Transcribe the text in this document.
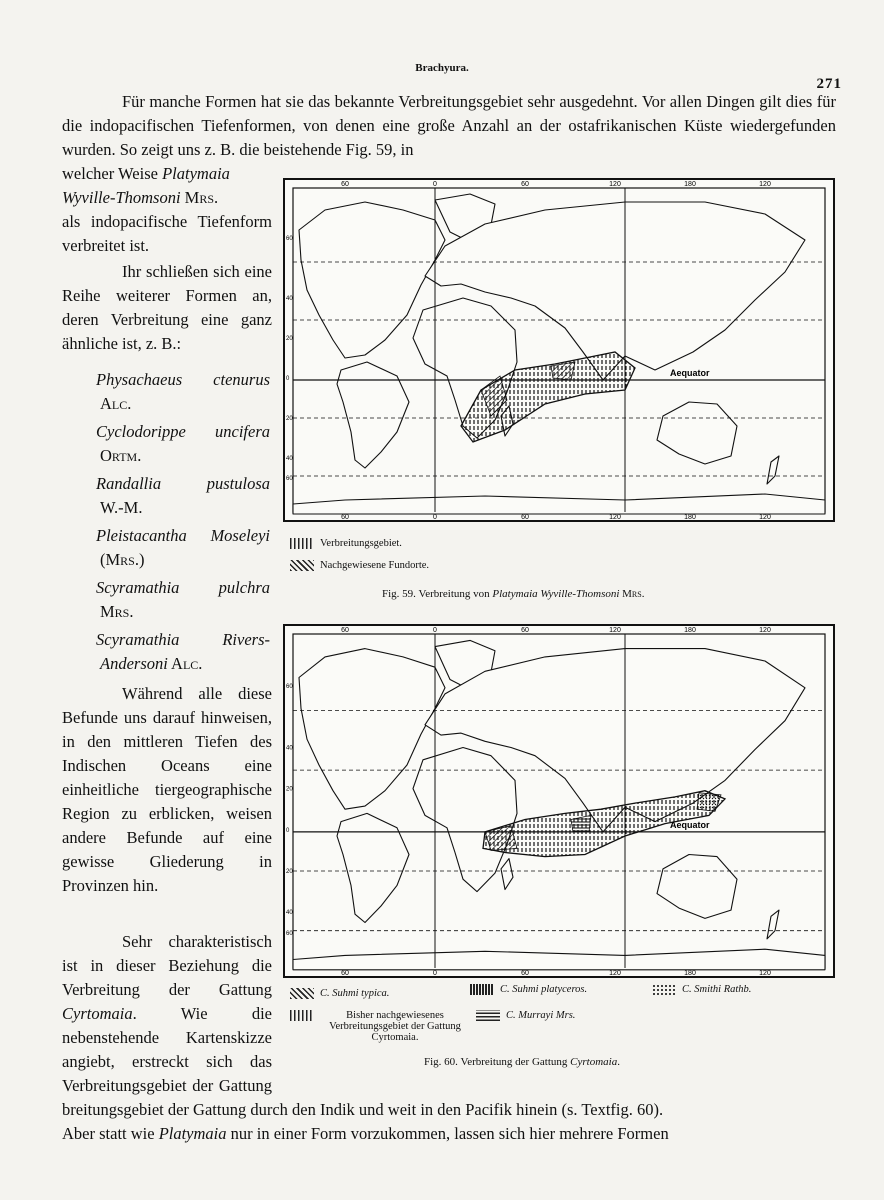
Brachyura.
271
Für manche Formen hat sie das bekannte Verbreitungsgebiet sehr ausgedehnt. Vor allen Dingen gilt dies für die indopacifischen Tiefenformen, von denen eine große Anzahl an der ostafrikanischen Küste wiedergefunden wurden. So zeigt uns z. B. die beistehende Fig. 59, in
welcher Weise Platymaia
Wyville-Thomsoni Mrs.
als indopacifische Tiefenform verbreitet ist.
Ihr schließen sich eine Reihe weiterer Formen an, deren Verbreitung eine ganz ähnliche ist, z. B.:
Physachaeus ctenurus
Alc.
Cyclodorippe uncifera
Ortm.
Randallia	pustulosa
W.-M.
Pleistacantha Moseleyi
(Mrs.)
Scyramathia pulchra
Mrs.
Scyramathia	Rivers-
Andersoni Alc.
Während alle diese Befunde uns darauf hinweisen, in den mittleren Tiefen des Indischen Oceans eine einheitliche tiergeographische Region zu erblicken, weisen andere Befunde auf eine gewisse Gliederung in Provinzen hin.
Sehr charakteristisch ist in dieser Beziehung die Verbreitung der Gattung Cyrtomaia. Wie die nebenstehende Kartenskizze angiebt, erstreckt sich das Verbreitungsgebiet der Gattung
breitungsgebiet der Gattung durch den Indik und weit in den Pacifik hinein (s. Textfig. 60).
Aber statt wie Platymaia nur in einer Form vorzukommen, lassen sich hier mehrere Formen
60	0	60	120	180	120
60	0	60	120	180	120
60
40
20
0
20
40
60
Aequator
Verbreitungsgebiet.
Nachgewiesene Fundorte.
Fig. 59. Verbreitung von Platymaia Wyville-Thomsoni Mrs.
60	0	60	120	180	120
60	0	60	120	180	120
60
40
20
0
20
40
60
Aequator
C. Suhmi typica.	C. Suhmi platyceros.	C. Smithi Rathb.
Bisher nachgewiesenes Verbreitungsgebiet der Gattung Cyrtomaia.
C. Murrayi Mrs.
Fig. 60. Verbreitung der Gattung Cyrtomaia.
